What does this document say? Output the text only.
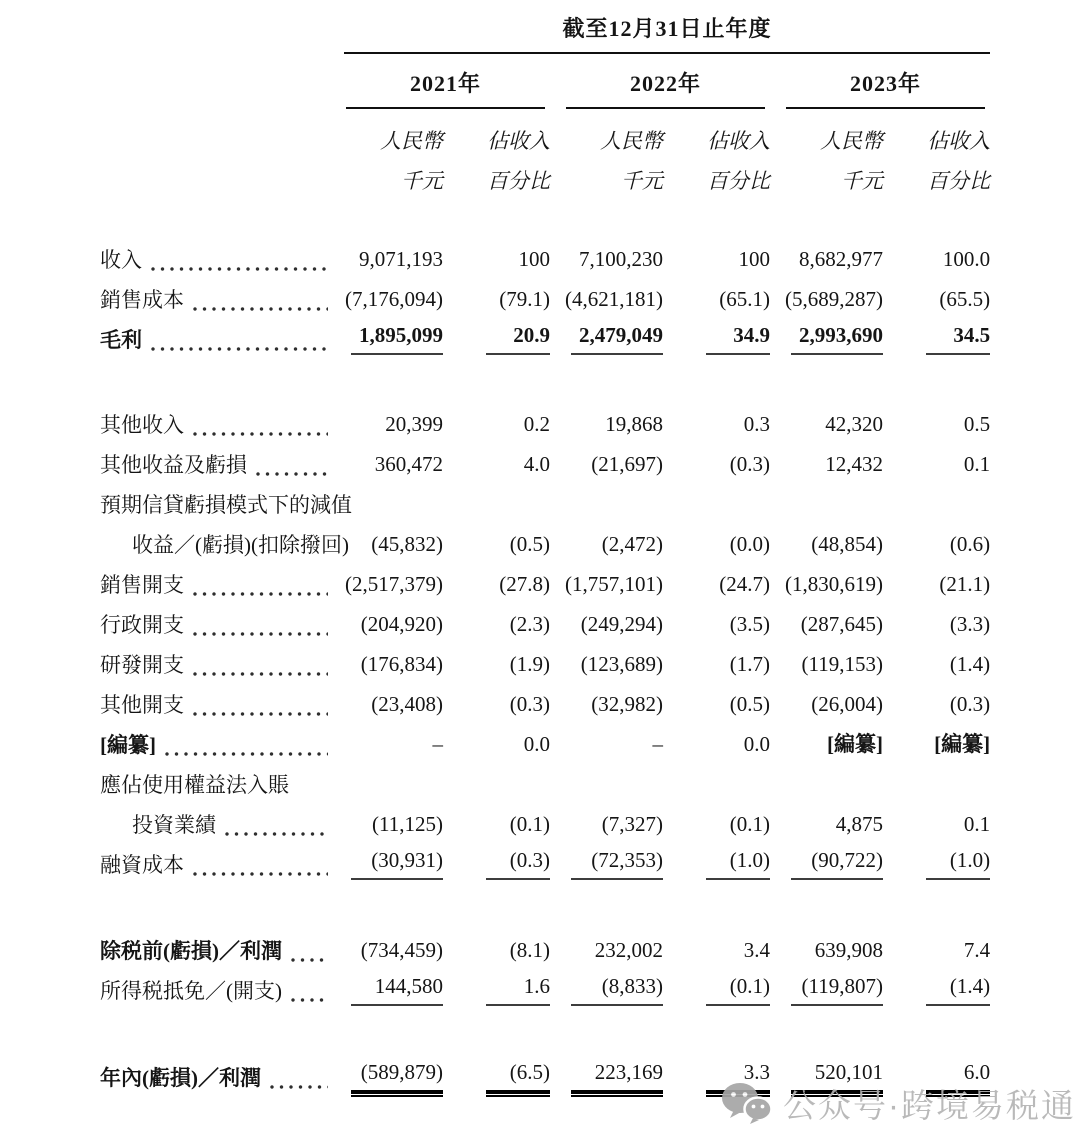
	截至12月31日止年度					

	2021年		2022年		2023年	

	人民幣	佔收入	人民幣	佔收入	人民幣	佔收入
	千元	百分比	千元	百分比	千元	百分比

收入	9,071,193	100	7,100,230	100	8,682,977	100.0

銷售成本	(7,176,094)	(79.1)	(4,621,181)	(65.1)	(5,689,287)	(65.5)

毛利	1,895,099	20.9	2,479,049	34.9	2,993,690	34.5

其他收入	20,399	0.2	19,868	0.3	42,320	0.5

其他收益及虧損	360,472	4.0	(21,697)	(0.3)	12,432	0.1

預期信貸虧損模式下的減值						

收益／(虧損)(扣除撥回)	(45,832)	(0.5)	(2,472)	(0.0)	(48,854)	(0.6)

銷售開支	(2,517,379)	(27.8)	(1,757,101)	(24.7)	(1,830,619)	(21.1)

行政開支	(204,920)	(2.3)	(249,294)	(3.5)	(287,645)	(3.3)

研發開支	(176,834)	(1.9)	(123,689)	(1.7)	(119,153)	(1.4)

其他開支	(23,408)	(0.3)	(32,982)	(0.5)	(26,004)	(0.3)

[編纂]	–	0.0	–	0.0	[編纂]	[編纂]

應佔使用權益法入賬						

投資業績	(11,125)	(0.1)	(7,327)	(0.1)	4,875	0.1

融資成本	(30,931)	(0.3)	(72,353)	(1.0)	(90,722)	(1.0)

除税前(虧損)／利潤	(734,459)	(8.1)	232,002	3.4	639,908	7.4

所得税抵免／(開支)	144,580	1.6	(8,833)	(0.1)	(119,807)	(1.4)

年內(虧損)／利潤	(589,879)	(6.5)	223,169	3.3	520,101	6.0
公众号·跨境易税通
